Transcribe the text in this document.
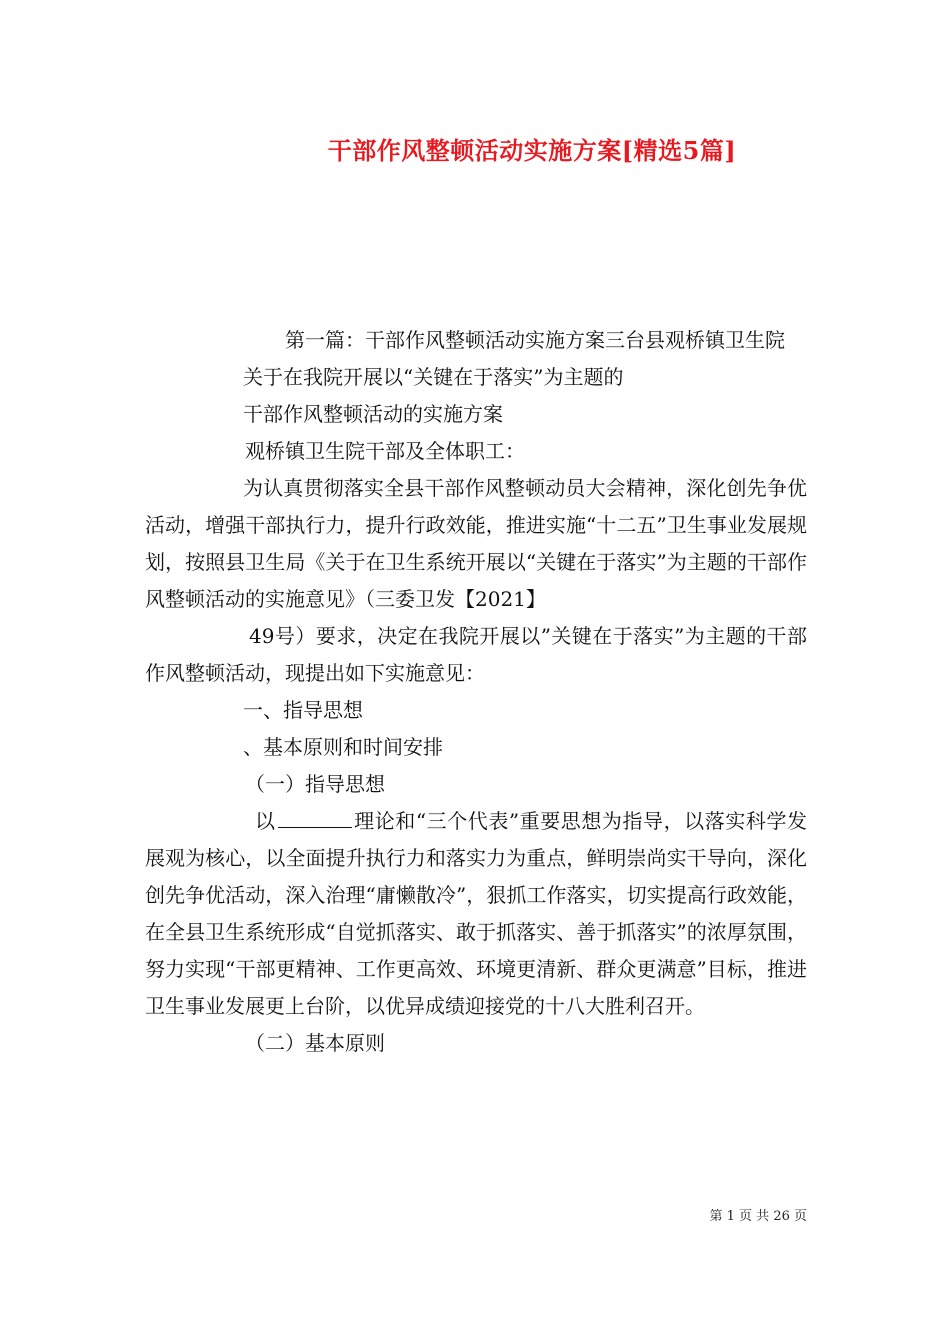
干部作风整顿活动实施方案[精选5篇]

第一篇：干部作风整顿活动实施方案三台县观桥镇卫生院

关于在我院开展以“关键在于落实”为主题的

干部作风整顿活动的实施方案

观桥镇卫生院干部及全体职工：

为认真贯彻落实全县干部作风整顿动员大会精神，深化创先争优活动，增强干部执行力，提升行政效能，推进实施“十二五”卫生事业发展规划，按照县卫生局《关于在卫生系统开展以“关键在于落实”为主题的干部作风整顿活动的实施意见》（三委卫发【2021】

49号）要求，决定在我院开展以”关键在于落实”为主题的干部作风整顿活动，现提出如下实施意见：

一、指导思想

、基本原则和时间安排

（一）指导思想

以	理论和“三个代表”重要思想为指导，以落实科学发展观为核心，以全面提升执行力和落实力为重点，鲜明崇尚实干导向，深化创先争优活动，深入治理“庸懒散冷”，狠抓工作落实，切实提高行政效能，在全县卫生系统形成“自觉抓落实、敢于抓落实、善于抓落实”的浓厚氛围，努力实现“干部更精神、工作更高效、环境更清新、群众更满意”目标，推进卫生事业发展更上台阶，以优异成绩迎接党的十八大胜利召开。

（二）基本原则

第 1 页 共 26 页
